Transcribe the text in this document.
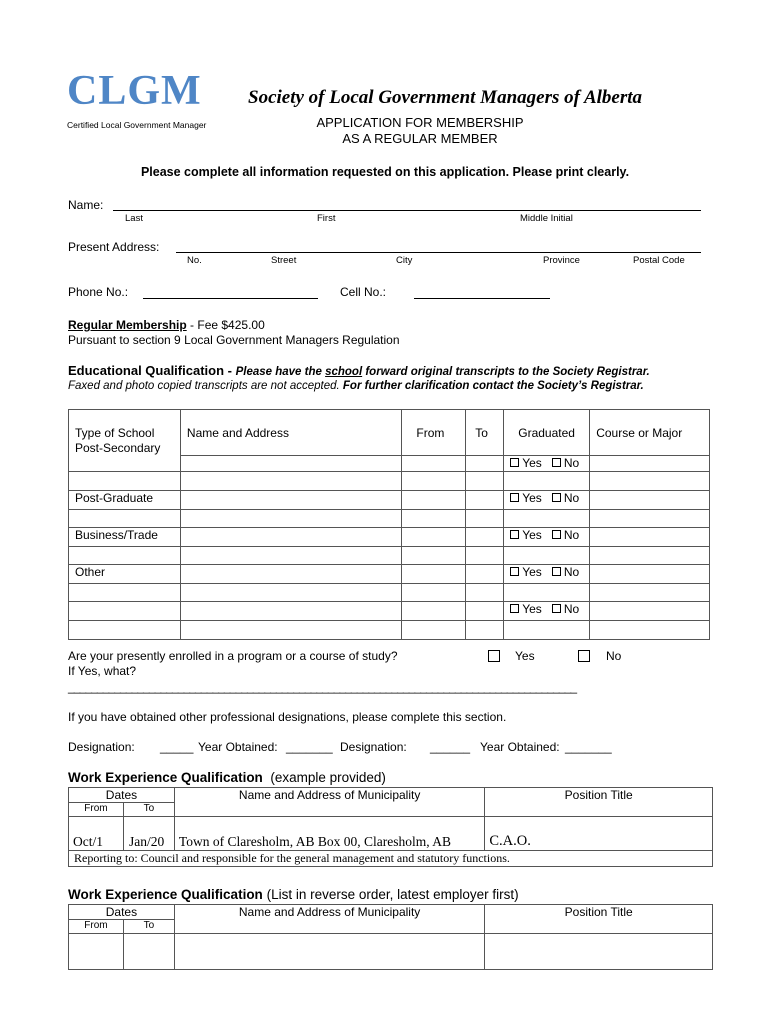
CLGM
Certified Local Government Manager
Society of Local Government Managers of Alberta
APPLICATION FOR MEMBERSHIP
AS A REGULAR MEMBER
Please complete all information requested on this application. Please print clearly.
Name:
Last	First	Middle Initial
Present Address:
No.	Street	City	Province	Postal Code
Phone No.:	Cell No.:
Regular Membership - Fee $425.00
Pursuant to section 9 Local Government Managers Regulation
Educational Qualification - Please have the school forward original transcripts to the Society Registrar.
Faxed and photo copied transcripts are not accepted. For further clarification contact the Society’s Registrar.
Type of School
Post-Secondary	Name and Address	From	To	Graduated	Course or Major
				Yes No	

Post-Graduate				Yes No	

Business/Trade				Yes No	

Other				Yes No	

				Yes No	

Are your presently enrolled in a program or a course of study?	Yes	No
If Yes, what?
________________________________________________________________________________________
If you have obtained other professional designations, please complete this section.
Designation: _____ Year Obtained: _______ Designation: ______ Year Obtained: _______
Work Experience Qualification (example provided)
Dates		Name and Address of Municipality	Position Title
From	To		
Oct/1	Jan/20	Town of Claresholm, AB Box 00, Claresholm, AB	C.A.O.
Reporting to: Council and responsible for the general management and statutory functions.			
Work Experience Qualification (List in reverse order, latest employer first)
Dates		Name and Address of Municipality	Position Title
From	To		
